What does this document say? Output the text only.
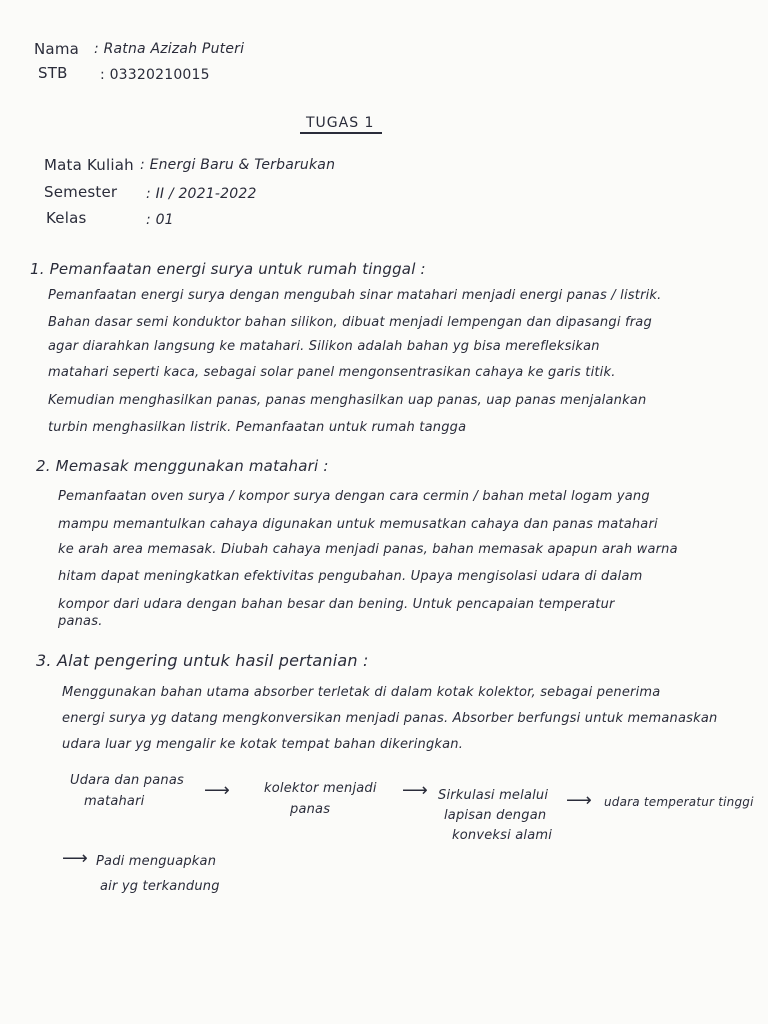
Nama : Ratna Azizah Puteri
STB : 03320210015
TUGAS 1
Mata Kuliah : Energi Baru & Terbarukan
Semester : II / 2021-2022
Kelas	: 01
1. Pemanfaatan energi surya untuk rumah tinggal :
Pemanfaatan energi surya dengan mengubah sinar matahari menjadi energi panas / listrik.
Bahan dasar semi konduktor bahan silikon, dibuat menjadi lempengan dan dipasangi frag
agar diarahkan langsung ke matahari. Silikon adalah bahan yg bisa merefleksikan
matahari seperti kaca, sebagai solar panel mengonsentrasikan cahaya ke garis titik.
Kemudian menghasilkan panas, panas menghasilkan uap panas, uap panas menjalankan
turbin menghasilkan listrik. Pemanfaatan untuk rumah tangga
2. Memasak menggunakan matahari :
Pemanfaatan oven surya / kompor surya dengan cara cermin / bahan metal logam yang
mampu memantulkan cahaya digunakan untuk memusatkan cahaya dan panas matahari
ke arah area memasak. Diubah cahaya menjadi panas, bahan memasak apapun arah warna
hitam dapat meningkatkan efektivitas pengubahan. Upaya mengisolasi udara di dalam
kompor dari udara dengan bahan besar dan bening. Untuk pencapaian temperatur
panas.
3. Alat pengering untuk hasil pertanian :
Menggunakan bahan utama absorber terletak di dalam kotak kolektor, sebagai penerima
energi surya yg datang mengkonversikan menjadi panas. Absorber berfungsi untuk memanaskan
udara luar yg mengalir ke kotak tempat bahan dikeringkan.
Udara dan panas
matahari
⟶	kolektor menjadi
panas
⟶ Sirkulasi melalui
lapisan dengan
konveksi alami
⟶ udara temperatur tinggi
⟶ Padi menguapkan
air yg terkandung
